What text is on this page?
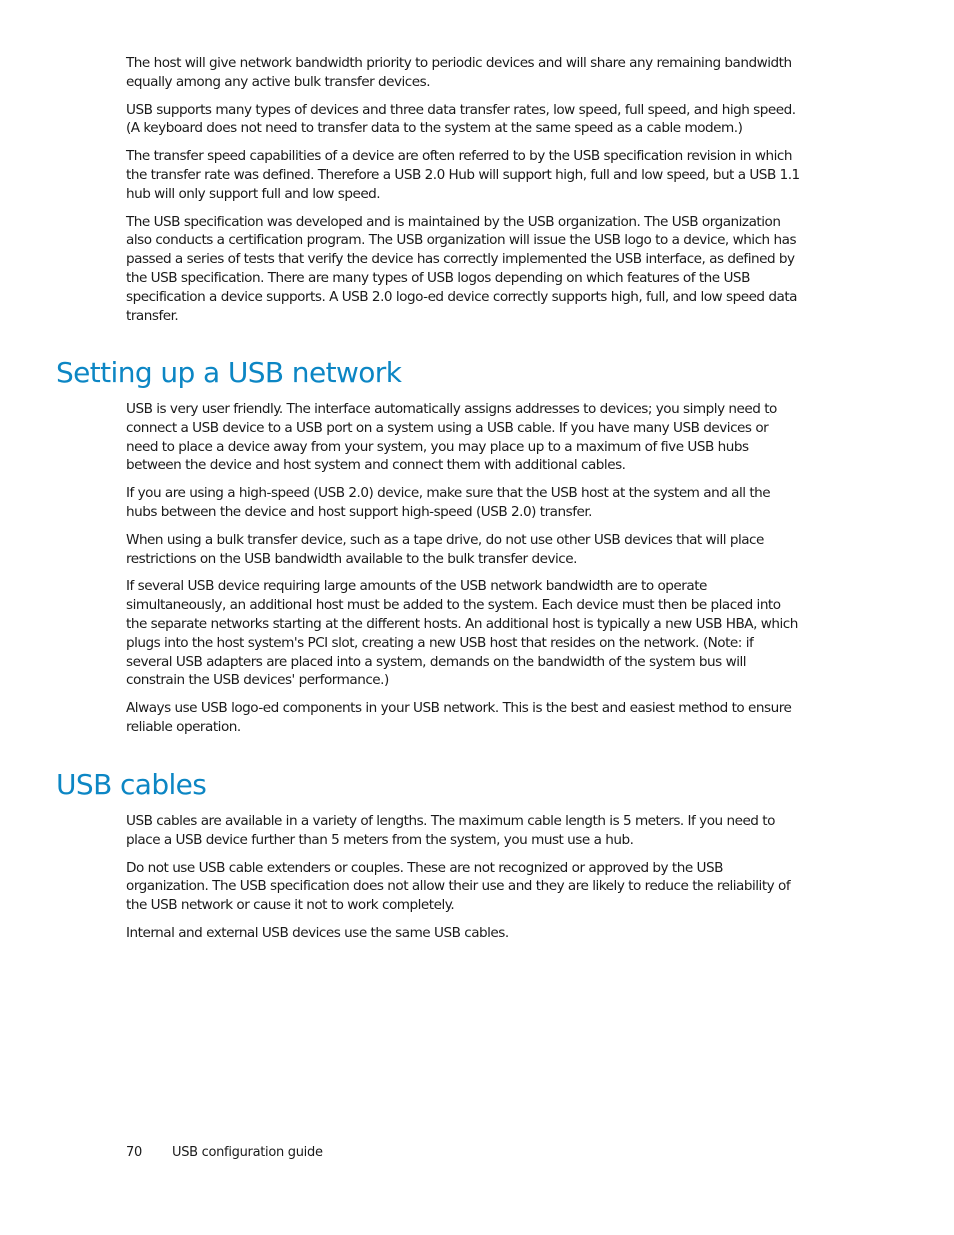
The host will give network bandwidth priority to periodic devices and will share any remaining bandwidth equally among any active bulk transfer devices.

USB supports many types of devices and three data transfer rates, low speed, full speed, and high speed. (A keyboard does not need to transfer data to the system at the same speed as a cable modem.)

The transfer speed capabilities of a device are often referred to by the USB specification revision in which the transfer rate was defined. Therefore a USB 2.0 Hub will support high, full and low speed, but a USB 1.1 hub will only support full and low speed.

The USB specification was developed and is maintained by the USB organization. The USB organization also conducts a certification program. The USB organization will issue the USB logo to a device, which has passed a series of tests that verify the device has correctly implemented the USB interface, as defined by the USB specification. There are many types of USB logos depending on which features of the USB specification a device supports. A USB 2.0 logo-ed device correctly supports high, full, and low speed data transfer.

Setting up a USB network

USB is very user friendly. The interface automatically assigns addresses to devices; you simply need to connect a USB device to a USB port on a system using a USB cable. If you have many USB devices or need to place a device away from your system, you may place up to a maximum of five USB hubs between the device and host system and connect them with additional cables.

If you are using a high-speed (USB 2.0) device, make sure that the USB host at the system and all the hubs between the device and host support high-speed (USB 2.0) transfer.

When using a bulk transfer device, such as a tape drive, do not use other USB devices that will place restrictions on the USB bandwidth available to the bulk transfer device.

If several USB device requiring large amounts of the USB network bandwidth are to operate simultaneously, an additional host must be added to the system. Each device must then be placed into the separate networks starting at the different hosts. An additional host is typically a new USB HBA, which plugs into the host system's PCI slot, creating a new USB host that resides on the network. (Note: if several USB adapters are placed into a system, demands on the bandwidth of the system bus will constrain the USB devices' performance.)

Always use USB logo-ed components in your USB network. This is the best and easiest method to ensure reliable operation.

USB cables

USB cables are available in a variety of lengths. The maximum cable length is 5 meters. If you need to place a USB device further than 5 meters from the system, you must use a hub.

Do not use USB cable extenders or couples. These are not recognized or approved by the USB organization. The USB specification does not allow their use and they are likely to reduce the reliability of the USB network or cause it not to work completely.

Internal and external USB devices use the same USB cables.

70 USB configuration guide
